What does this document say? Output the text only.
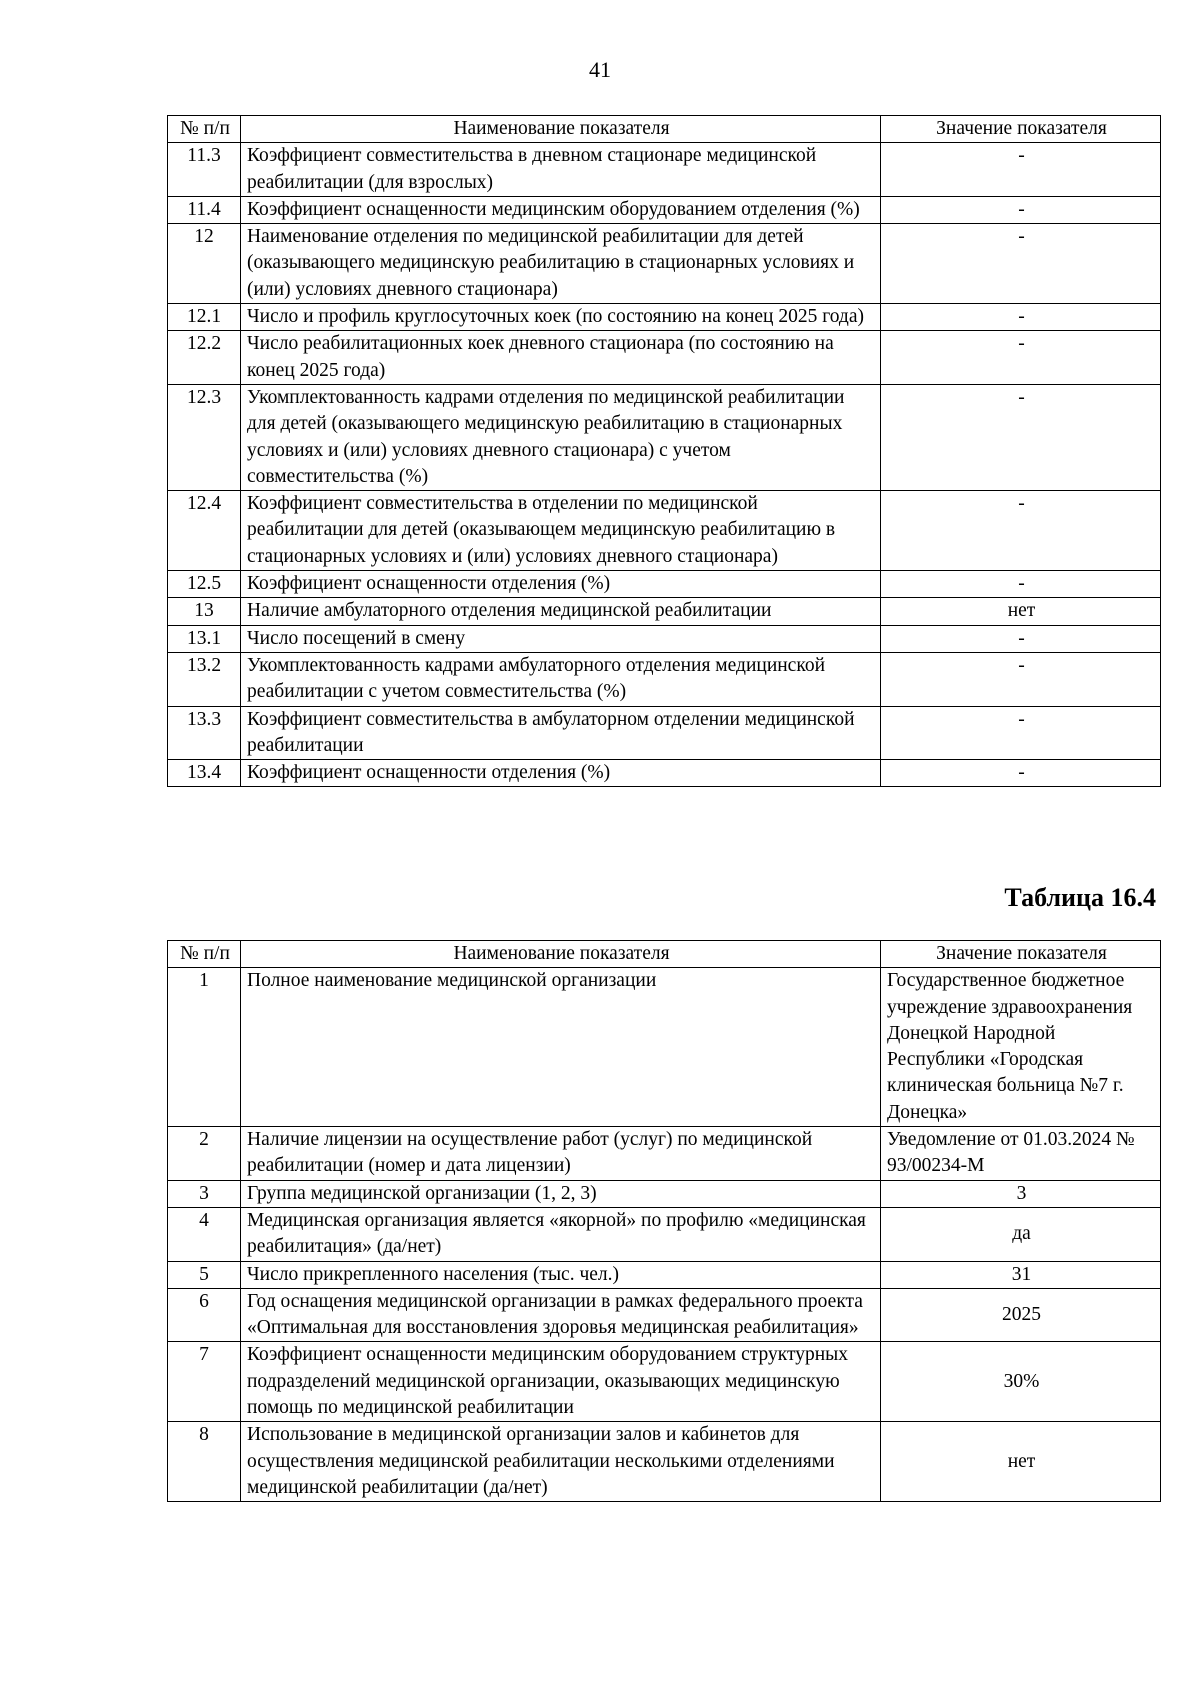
41
№ п/п	Наименование показателя	Значение показателя
11.3	Коэффициент совместительства в дневном стационаре медицинской реабилитации (для взрослых)	-
11.4	Коэффициент оснащенности медицинским оборудованием отделения (%)	-
12	Наименование отделения по медицинской реабилитации для детей (оказывающего медицинскую реабилитацию в стационарных условиях и (или) условиях дневного стационара)	-
12.1	Число и профиль круглосуточных коек (по состоянию на конец 2025 года)	-
12.2	Число реабилитационных коек дневного стационара (по состоянию на конец 2025 года)	-
12.3	Укомплектованность кадрами отделения по медицинской реабилитации для детей (оказывающего медицинскую реабилитацию в стационарных условиях и (или) условиях дневного стационара) с учетом совместительства (%)	-
12.4	Коэффициент совместительства в отделении по медицинской реабилитации для детей (оказывающем медицинскую реабилитацию в стационарных условиях и (или) условиях дневного стационара)	-
12.5	Коэффициент оснащенности отделения (%)	-
13	Наличие амбулаторного отделения медицинской реабилитации	нет
13.1	Число посещений в смену	-
13.2	Укомплектованность кадрами амбулаторного отделения медицинской реабилитации с учетом совместительства (%)	-
13.3	Коэффициент совместительства в амбулаторном отделении медицинской реабилитации	-
13.4	Коэффициент оснащенности отделения (%)	-
Таблица 16.4
№ п/п	Наименование показателя	Значение показателя
1	Полное наименование медицинской организации	Государственное бюджетное учреждение здравоохранения Донецкой Народной Республики «Городская клиническая больница №7 г. Донецка»
2	Наличие лицензии на осуществление работ (услуг) по медицинской реабилитации (номер и дата лицензии)	Уведомление от 01.03.2024 № 93/00234-М
3	Группа медицинской организации (1, 2, 3)	3
4	Медицинская организация является «якорной» по профилю «медицинская реабилитация» (да/нет)	да
5	Число прикрепленного населения (тыс. чел.)	31
6	Год оснащения медицинской организации в рамках федерального проекта «Оптимальная для восстановления здоровья медицинская реабилитация»	2025
7	Коэффициент оснащенности медицинским оборудованием структурных подразделений медицинской организации, оказывающих медицинскую помощь по медицинской реабилитации	30%
8	Использование в медицинской организации залов и кабинетов для осуществления медицинской реабилитации несколькими отделениями медицинской реабилитации (да/нет)	нет
